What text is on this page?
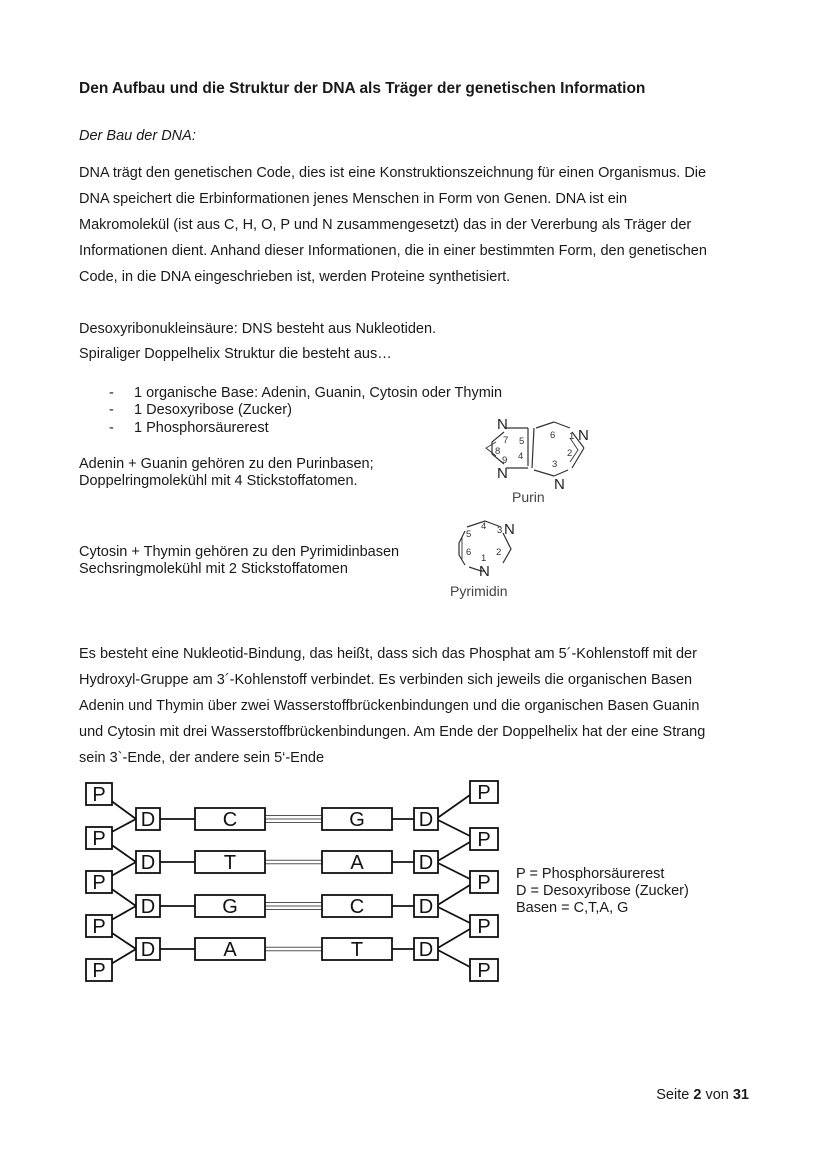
Den Aufbau und die Struktur der DNA als Träger der genetischen Information
Der Bau der DNA:
DNA trägt den genetischen Code, dies ist eine Konstruktionszeichnung für einen Organismus. Die
DNA speichert die Erbinformationen jenes Menschen in Form von Genen. DNA ist ein
Makromolekül (ist aus C, H, O, P und N zusammengesetzt) das in der Vererbung als Träger der
Informationen dient. Anhand dieser Informationen, die in einer bestimmten Form, den genetischen
Code, in die DNA eingeschrieben ist, werden Proteine synthetisiert.
Desoxyribonukleinsäure: DNS besteht aus Nukleotiden.
Spiraliger Doppelhelix Struktur die besteht aus…
- 1 organische Base: Adenin, Guanin, Cytosin oder Thymin
- 1 Desoxyribose (Zucker)
- 1 Phosphorsäurerest
Adenin + Guanin gehören zu den Purinbasen;
Doppelringmolekühl mit 4 Stickstoffatomen.
Cytosin + Thymin gehören zu den Pyrimidinbasen
Sechsringmolekühl mit 2 Stickstoffatomen
N
N
N
N
1
2
3
4
5
6
7
8
9
Purin
N
N
1
2
3
4
5
6
Pyrimidin
Es besteht eine Nukleotid-Bindung, das heißt, dass sich das Phosphat am 5´-Kohlenstoff mit der
Hydroxyl-Gruppe am 3´-Kohlenstoff verbindet. Es verbinden sich jeweils die organischen Basen
Adenin und Thymin über zwei Wasserstoffbrückenbindungen und die organischen Basen Guanin
und Cytosin mit drei Wasserstoffbrückenbindungen. Am Ende der Doppelhelix hat der eine Strang
sein 3`-Ende, der andere sein 5‘-Ende
P	P
P	P
P	P
P	P
P	P
D	C	G	D
D	T	A	D
D	G	C	D
D	A	T	D
P = Phosphorsäurerest
D = Desoxyribose (Zucker)
Basen = C,T,A, G
Seite 2 von 31
